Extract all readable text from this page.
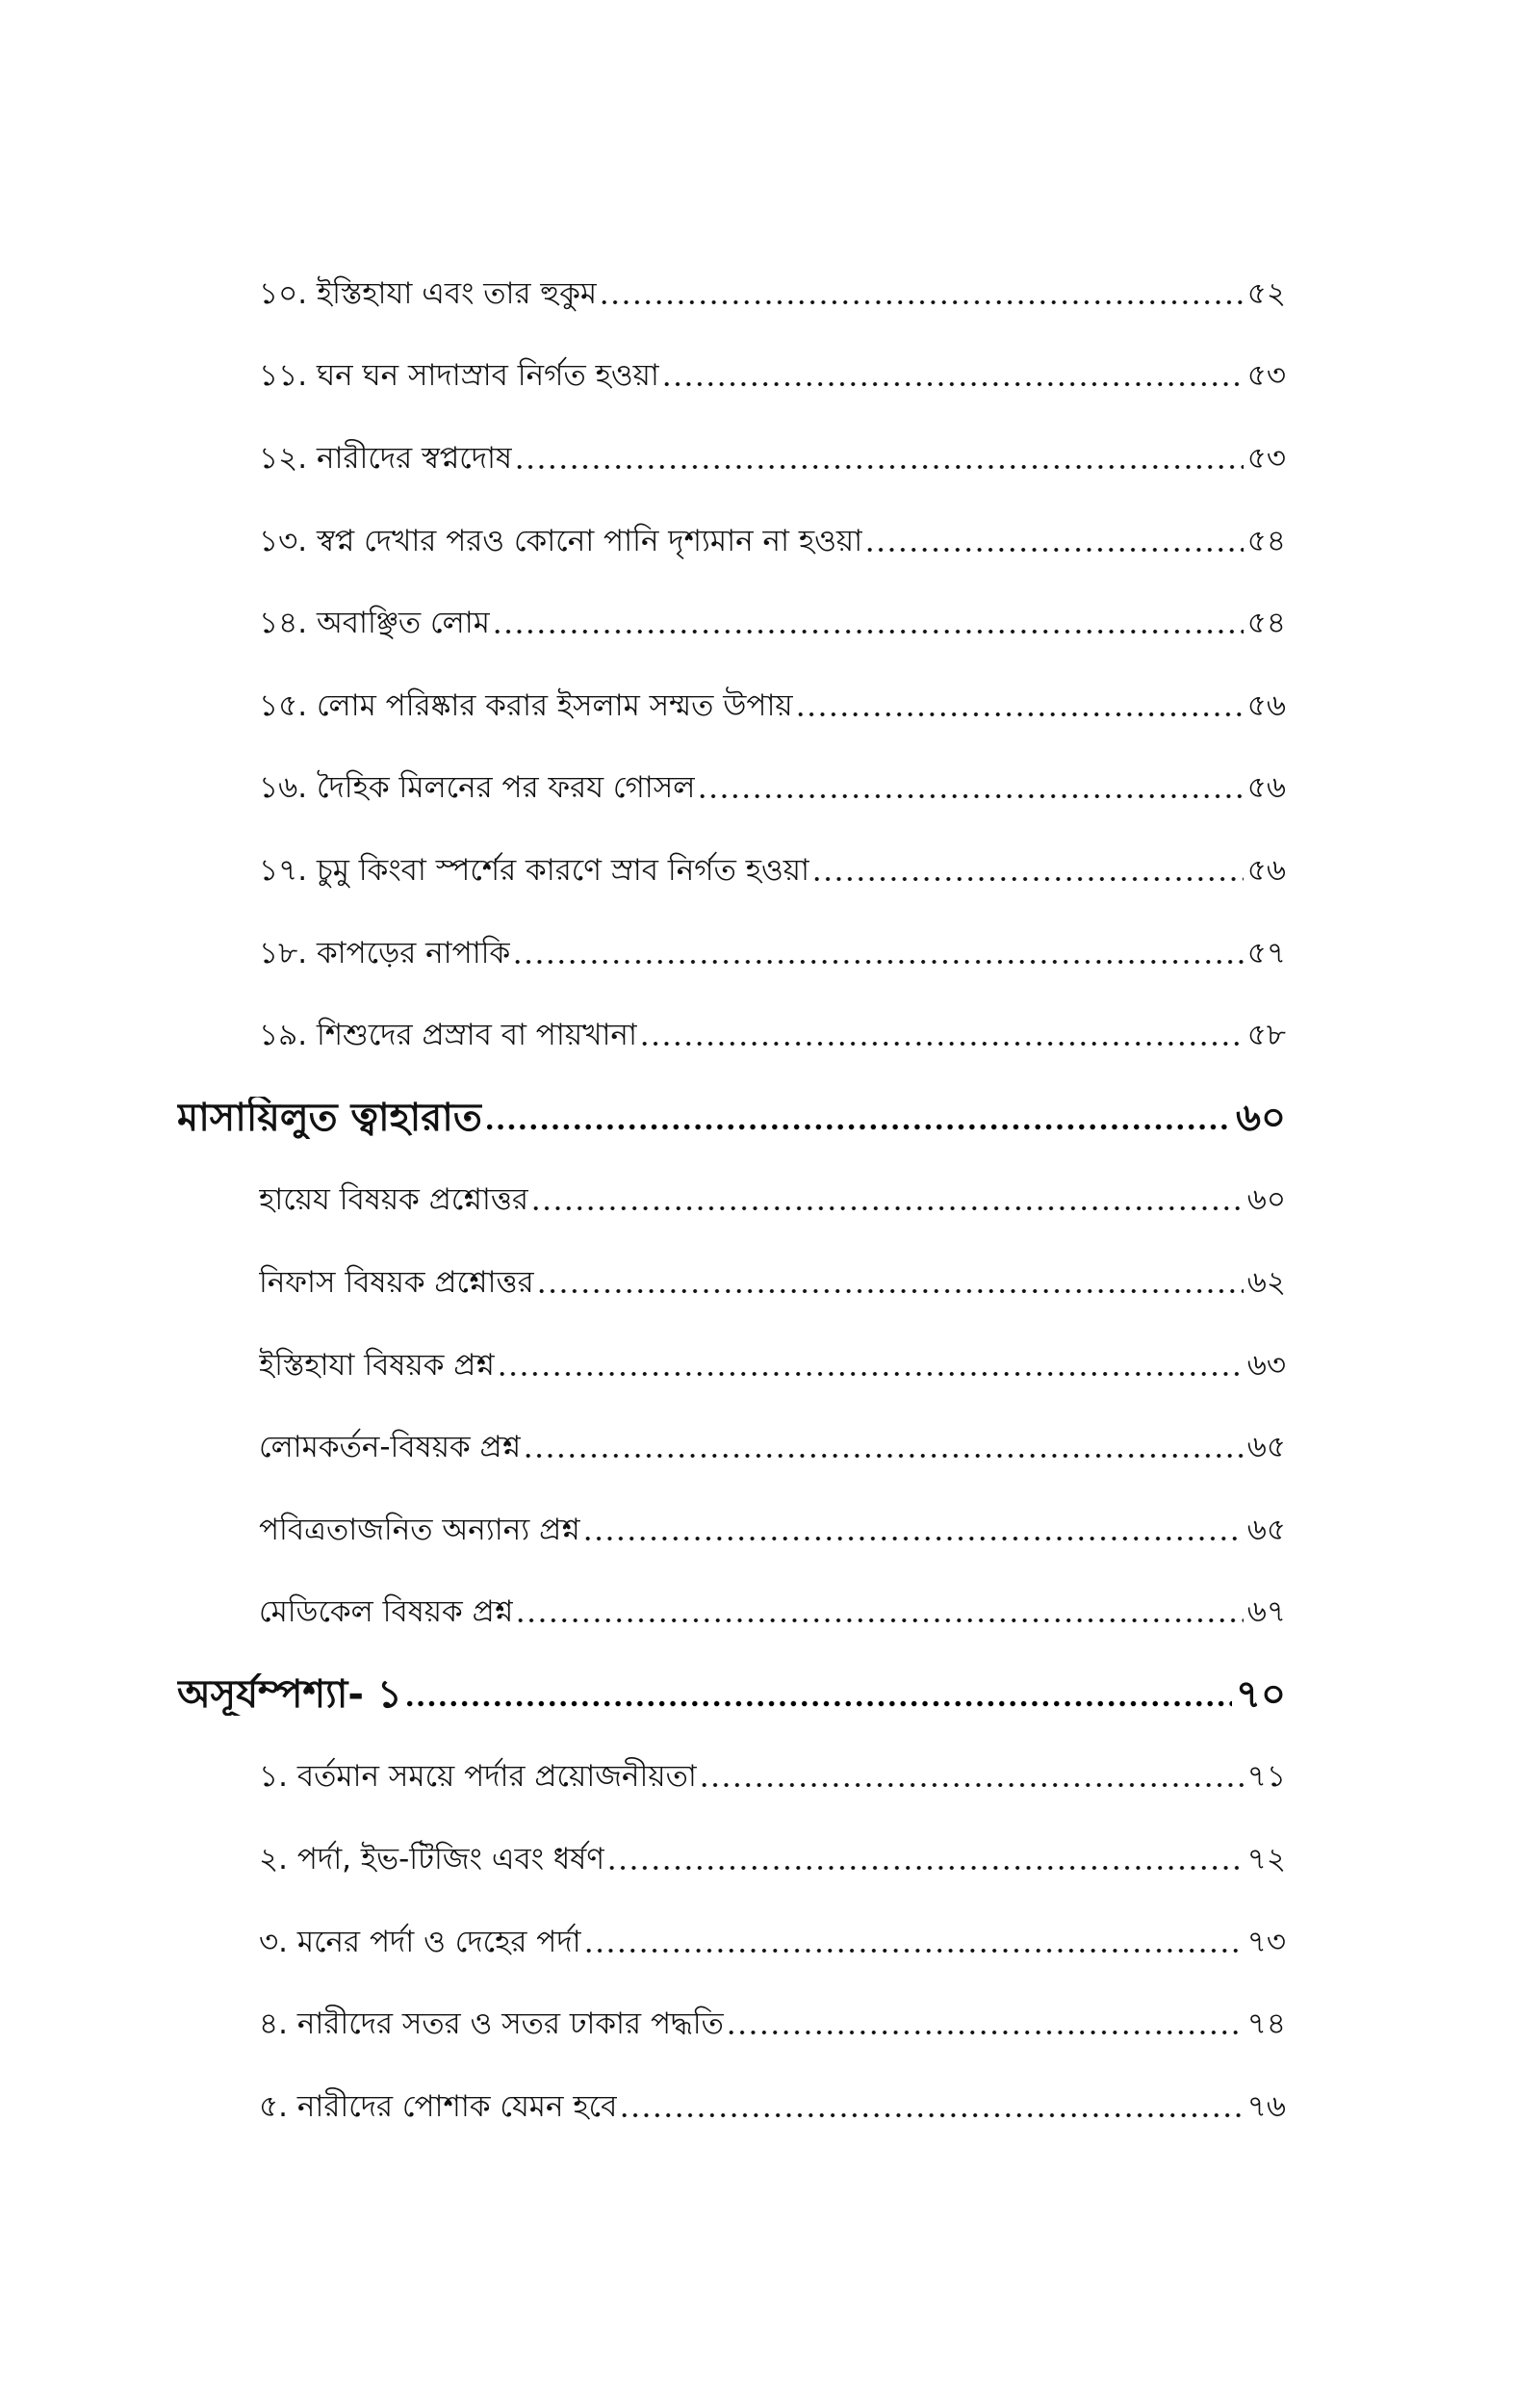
১০. ইস্তিহাযা এবং তার হুকুম	৫২
১১. ঘন ঘন সাদাস্রাব নির্গত হওয়া	৫৩
১২. নারীদের স্বপ্নদোষ	৫৩
১৩. স্বপ্ন দেখার পরও কোনো পানি দৃশ্যমান না হওয়া	৫৪
১৪. অবাঞ্ছিত লোম	৫৪
১৫. লোম পরিষ্কার করার ইসলাম সম্মত উপায়	৫৬
১৬. দৈহিক মিলনের পর ফরয গোসল	৫৬
১৭. চুমু কিংবা স্পর্শের কারণে স্রাব নির্গত হওয়া	৫৬
১৮. কাপড়ের নাপাকি	৫৭
১৯. শিশুদের প্রস্রাব বা পায়খানা	৫৮
মাসায়িলুত ত্বাহারাত	৬০
হায়েয বিষয়ক প্রশ্নোত্তর	৬০
নিফাস বিষয়ক প্রশ্নোত্তর	৬২
ইস্তিহাযা বিষয়ক প্রশ্ন	৬৩
লোমকর্তন-বিষয়ক প্রশ্ন	৬৫
পবিত্রতাজনিত অন্যান্য প্রশ্ন	৬৫
মেডিকেল বিষয়ক প্রশ্ন	৬৭
অসূর্যম্পশ্যা- ১	৭০
১. বর্তমান সময়ে পর্দার প্রয়োজনীয়তা	৭১
২. পর্দা, ইভ-টিজিং এবং ধর্ষণ	৭২
৩. মনের পর্দা ও দেহের পর্দা	৭৩
৪. নারীদের সতর ও সতর ঢাকার পদ্ধতি	৭৪
৫. নারীদের পোশাক যেমন হবে	৭৬
